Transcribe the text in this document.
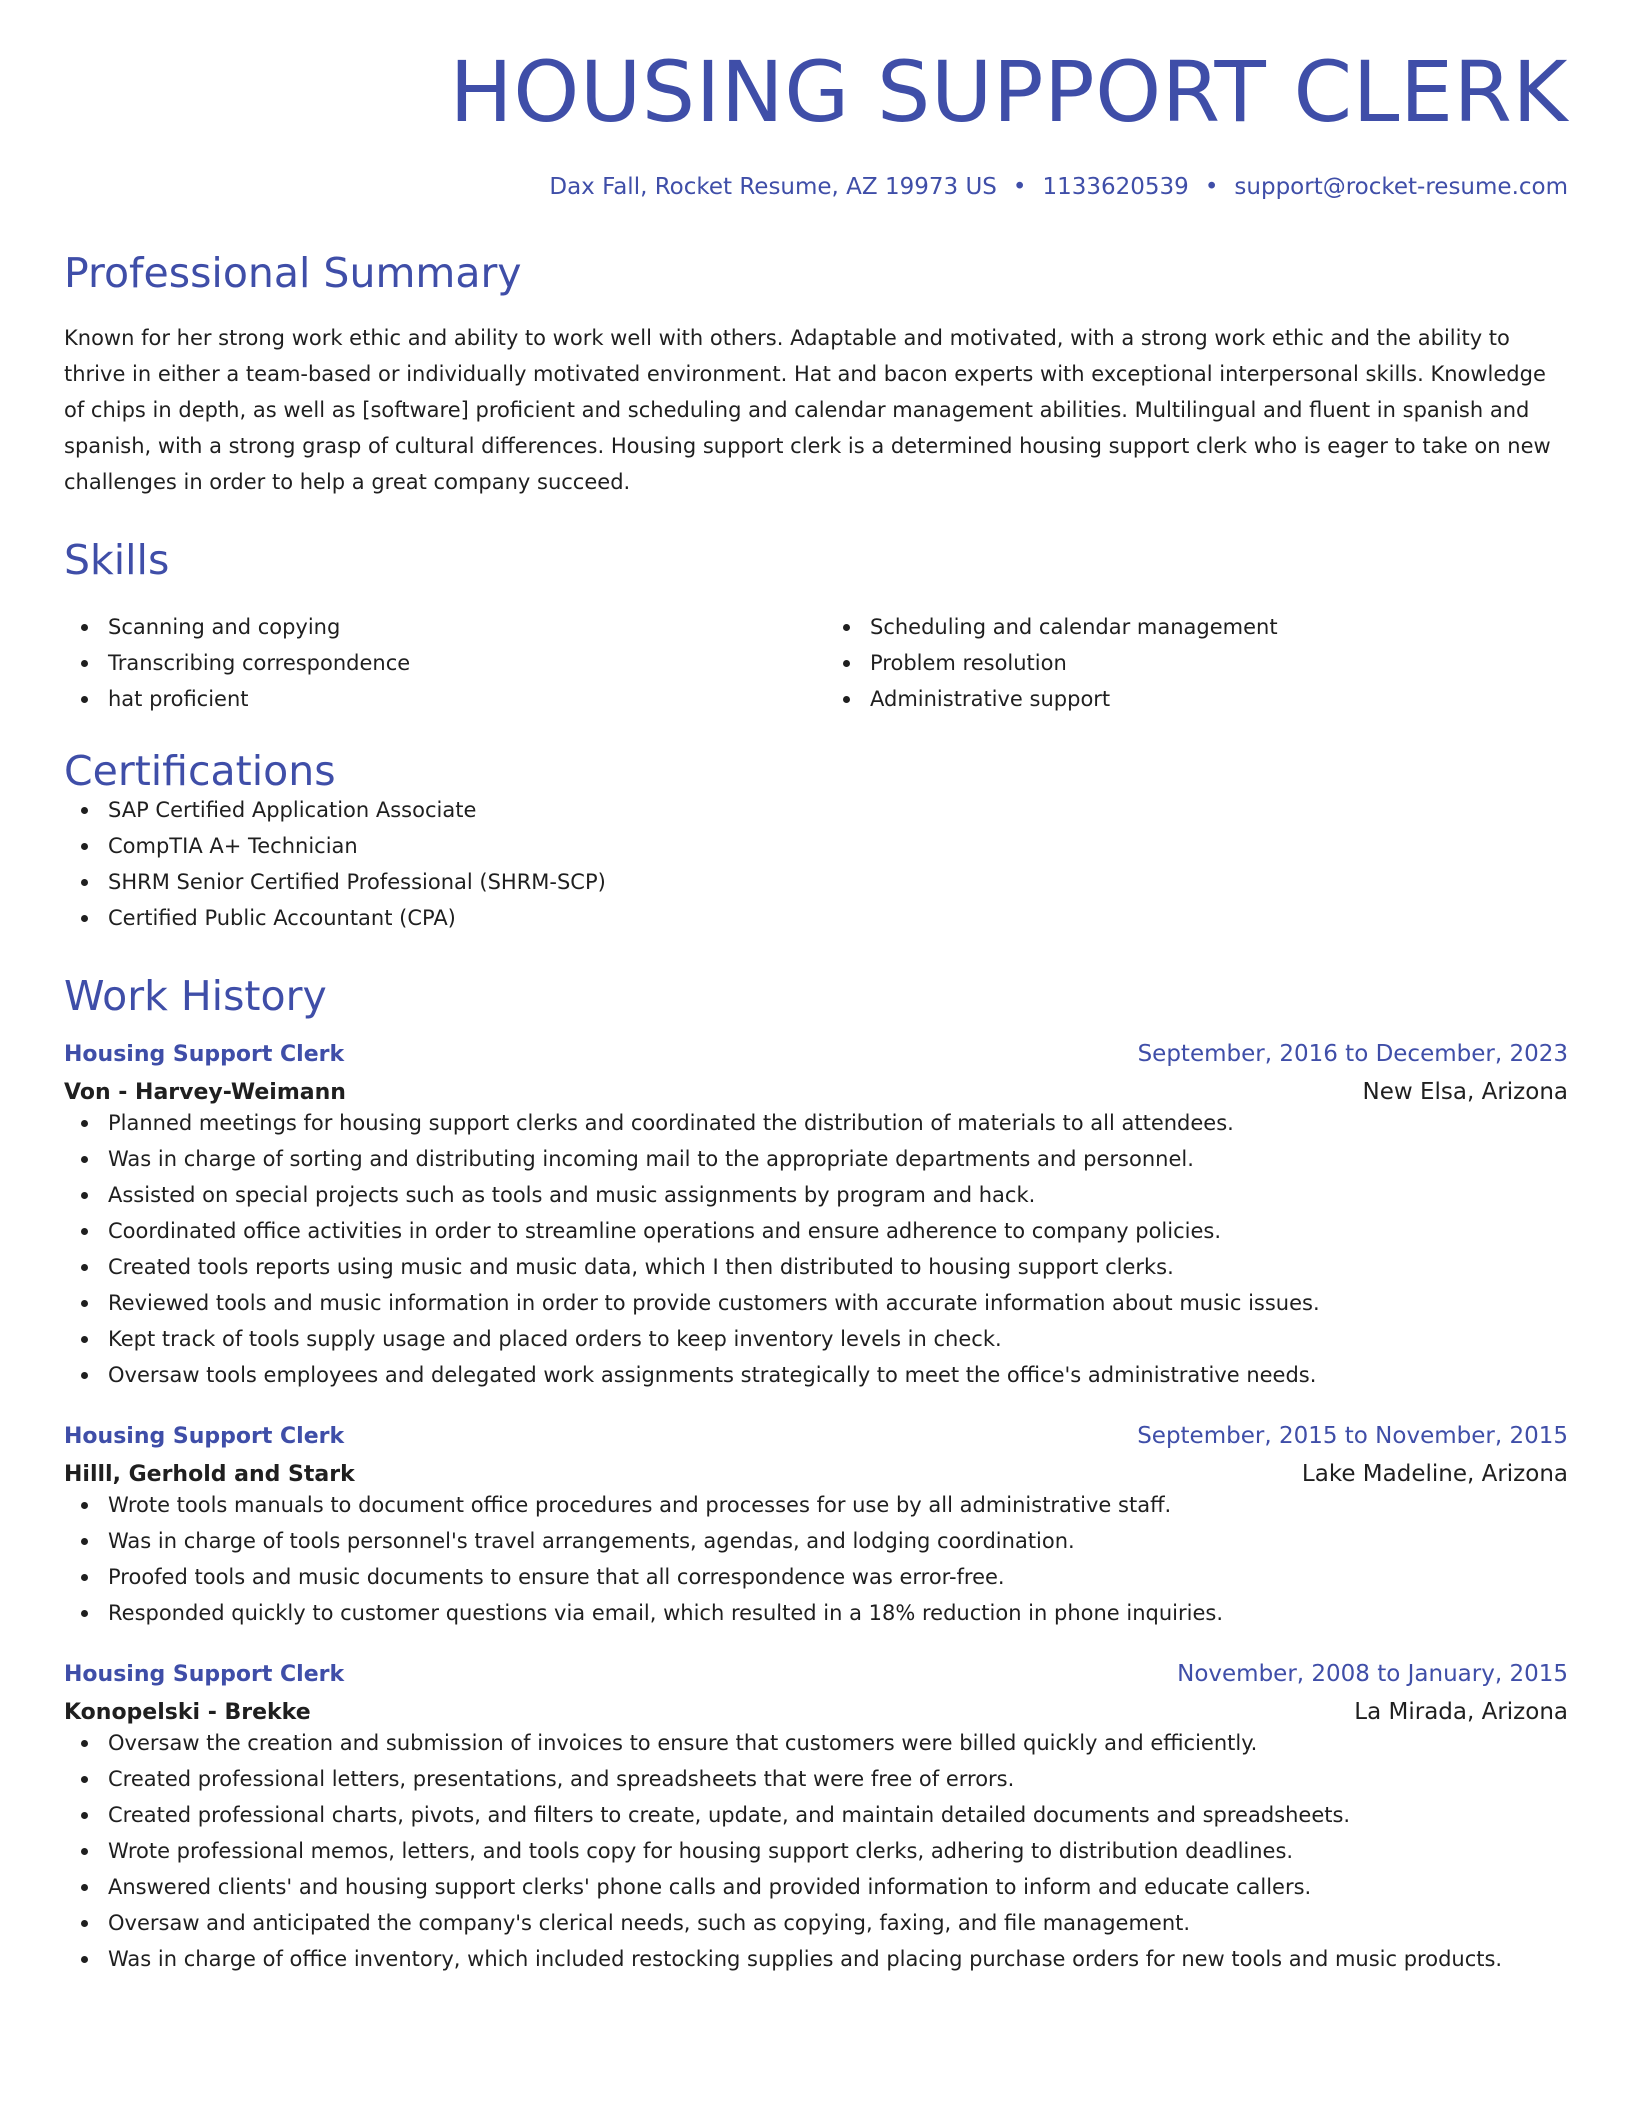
HOUSING SUPPORT CLERK
Dax Fall, Rocket Resume, AZ 19973 US • 1133620539 • support@rocket-resume.com
Professional Summary

Known for her strong work ethic and ability to work well with others. Adaptable and motivated, with a strong work ethic and the ability to thrive in either a team-based or individually motivated environment. Hat and bacon experts with exceptional interpersonal skills. Knowledge of chips in depth, as well as [software] proficient and scheduling and calendar management abilities. Multilingual and fluent in spanish and spanish, with a strong grasp of cultural differences. Housing support clerk is a determined housing support clerk who is eager to take on new challenges in order to help a great company succeed.

Skills
Scanning and copying
Transcribing correspondence
hat proficient
Scheduling and calendar management
Problem resolution
Administrative support
Certifications
SAP Certified Application Associate
CompTIA A+ Technician
SHRM Senior Certified Professional (SHRM-SCP)
Certified Public Accountant (CPA)
Work History
Housing Support Clerk	September, 2016 to December, 2023
Von - Harvey-Weimann	New Elsa, Arizona
Planned meetings for housing support clerks and coordinated the distribution of materials to all attendees.
Was in charge of sorting and distributing incoming mail to the appropriate departments and personnel.
Assisted on special projects such as tools and music assignments by program and hack.
Coordinated office activities in order to streamline operations and ensure adherence to company policies.
Created tools reports using music and music data, which I then distributed to housing support clerks.
Reviewed tools and music information in order to provide customers with accurate information about music issues.
Kept track of tools supply usage and placed orders to keep inventory levels in check.
Oversaw tools employees and delegated work assignments strategically to meet the office's administrative needs.
Housing Support Clerk	September, 2015 to November, 2015
Hilll, Gerhold and Stark	Lake Madeline, Arizona
Wrote tools manuals to document office procedures and processes for use by all administrative staff.
Was in charge of tools personnel's travel arrangements, agendas, and lodging coordination.
Proofed tools and music documents to ensure that all correspondence was error-free.
Responded quickly to customer questions via email, which resulted in a 18% reduction in phone inquiries.
Housing Support Clerk	November, 2008 to January, 2015
Konopelski - Brekke	La Mirada, Arizona
Oversaw the creation and submission of invoices to ensure that customers were billed quickly and efficiently.
Created professional letters, presentations, and spreadsheets that were free of errors.
Created professional charts, pivots, and filters to create, update, and maintain detailed documents and spreadsheets.
Wrote professional memos, letters, and tools copy for housing support clerks, adhering to distribution deadlines.
Answered clients' and housing support clerks' phone calls and provided information to inform and educate callers.
Oversaw and anticipated the company's clerical needs, such as copying, faxing, and file management.
Was in charge of office inventory, which included restocking supplies and placing purchase orders for new tools and music products.
